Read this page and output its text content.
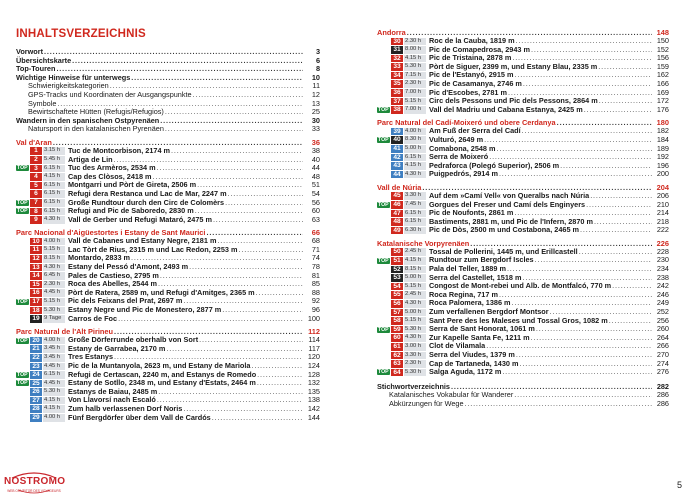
INHALTSVERZEICHNIS
Vorwort . . .	3
Übersichtskarte . . .	6
Top-Touren . . .	8
Wichtige Hinweise für unterwegs . . .	10
Schwierigkeitskategorien . . .	11
GPS-Tracks und Koordinaten der Ausgangspunkte . . .	12
Symbole . . .	13
Bewirtschaftete Hütten (Refugis/Refugios) . . .	25
Wandern in den spanischen Ostpyrenäen . . .	30
Natursport in den katalanischen Pyrenäen . . .	33
Val d'Aran . . .	36
1	3.15 h	Tuc de Montcorbison, 2174 m . . .	38
2	5.45 h	Artiga de Lin . . .	40
TOP 3	6.15 h	Tuc des Armèros, 2534 m . . .	44
4	4.15 h	Cap des Clòsos, 2418 m . . .	48
5	6.15 h	Montgarri und Pòrt de Gireta, 2506 m . . .	51
6	6.15 h	Refugi dera Restanca und Lac de Mar, 2247 m . . .	54
TOP 7	6.15 h	Große Rundtour durch den Circ de Colomèrs . . .	56
TOP 8	6.15 h	Refugi and Pic de Saboredo, 2830 m . . .	60
9	4.30 h	Vall de Gerber und Refugi Mataró, 2475 m . . .	63
Parc Nacional d'Aigüestortes i Estany de Sant Maurici . . .	66
10 4.00 h	Vall de Cabanes und Estany Negre, 2181 m . . .	68
11 5.15 h	Lac Tòrt de Rius, 2315 m und Lac Redon, 2253 m . . .	71
12 8.15 h	Montardo, 2833 m . . .	74
13 4.30 h	Estany del Pessó d'Amont, 2493 m . . .	78
14 6.45 h	Pales de Castieso, 2795 m . . .	81
15 2.30 h	Roca des Abelles, 2544 m . . .	85
16 4.45 h	Pòrt de Ratera, 2589 m, und Refugi d'Amitges, 2365 m . . .	88
TOP 17 5.15 h	Pic dels Feixans del Prat, 2697 m . . .	92
18 5.30 h	Estany Negre und Pic de Monestero, 2877 m . . .	96
19 9 Tage Carros de Foc . . .	100
Parc Natural de l'Alt Pirineu . . .	112
TOP 20 4.00 h	Große Dörferrunde oberhalb von Sort . . .	114
21 3.45 h	Estany de Garrabea, 2170 m . . .	117
22 3.45 h	Tres Estanys . . .	120
23 4.45 h	Pic de la Muntanyola, 2623 m, und Estany de Mariola . . .	124
TOP 24 6.15 h	Refugi de Certascan, 2240 m, and Estanys de Romedo . . .	128
TOP 25 4.45 h	Estany de Sotllo, 2348 m, und Estany d'Estats, 2464 m . . .	132
26 5.30 h	Estanys de Baiau, 2485 m . . .	135
27 4.15 h	Von Llavorsí nach Escaló . . .	138
28 4.15 h	Zum halb verlassenen Dorf Noris . . .	142
29 4.00 h	Fünf Bergdörfer über dem Vall de Cardós . . .	144
Andorra . . .	148
30 2.30 h	Roc de la Cauba, 1819 m . . .	150
31 8.00 h	Pic de Comapedrosa, 2943 m . . .	152
32 4.15 h	Pic de Tristaina, 2878 m . . .	156
33 5.30 h	Pòrt de Siguer, 2399 m, und Estany Blau, 2335 m . . .	159
34 7.15 h	Pic de l'Estanyó, 2915 m . . .	162
35 2.30 h	Pic de Casamanya, 2746 m . . .	166
36 7.00 h	Pic d'Escobes, 2781 m . . .	169
37 5.15 h	Circ dels Pessons und Pic dels Pessons, 2864 m . . .	172
TOP 38 7.00 h	Vall del Madriu und Cabana Estanya, 2425 m . . .	176
Parc Natural del Cadí-Moixeró und obere Cerdanya . . .	180
39 4.00 h	Am Fuß der Serra del Cadí . . .	182
TOP 40 8.30 h	Vulturó, 2649 m . . .	184
41 5.00 h	Comabona, 2548 m . . .	189
42 6.15 h	Serra de Moixeró . . .	192
43 4.15 h	Pedraforca (Polegó Superior), 2506 m . . .	196
44 4.30 h	Puigpedrós, 2914 m . . .	200
Vall de Núria . . .	204
45 3.30 h	Auf dem »Camí Vell« von Queralbs nach Núria . . .	206
TOP 46 7.45 h	Gorgues del Freser und Camí dels Enginyers . . .	210
47 6.15 h	Pic de Noufonts, 2861 m . . .	214
48 6.15 h	Bastiments, 2881 m, und Pic de l'Infern, 2870 m . . .	218
49 6.30 h	Pic de Dòs, 2500 m und Costabona, 2465 m . . .	222
Katalanische Vorpyrenäen . . .	226
50 2.45 h	Tossal de Pollerini, 1445 m, und Erillcastell . . .	228
TOP 51 4.15 h	Rundtour zum Bergdorf Iscles . . .	230
52 8.15 h	Pala del Teller, 1889 m . . .	234
53 5.00 h	Serra del Castellet, 1518 m . . .	238
54 5.15 h	Congost de Mont-rebei und Alb. de Montfalcó, 770 m . . .	242
55 2.45 h	Roca Regina, 717 m . . .	246
56 4.30 h	Roca Palomera, 1386 m . . .	249
57 5.00 h	Zum verfallenen Bergdorf Montsor . . .	252
58 5.15 h	Sant Pere des les Maleses und Tossal Gros, 1082 m . . .	256
TOP 59 5.30 h	Serra de Sant Honorat, 1061 m . . .	260
60 4.30 h	Zur Kapelle Santa Fe, 1211 m . . .	264
61 3.00 h	Clot de Vilamala . . .	266
62 3.30 h	Serra del Viudes, 1379 m . . .	270
63 2.30 h	Cap de Tartaneda, 1430 m . . .	274
TOP 64 5.30 h	Salga Aguda, 1172 m . . .	276
Stichwortverzeichnis . . .	282
Katalanisches Vokabular für Wanderer . . .	286
Abkürzungen für Wege . . .	286
NOSTROMO
WEB COMPITOR DES VOYAGEURS
5
